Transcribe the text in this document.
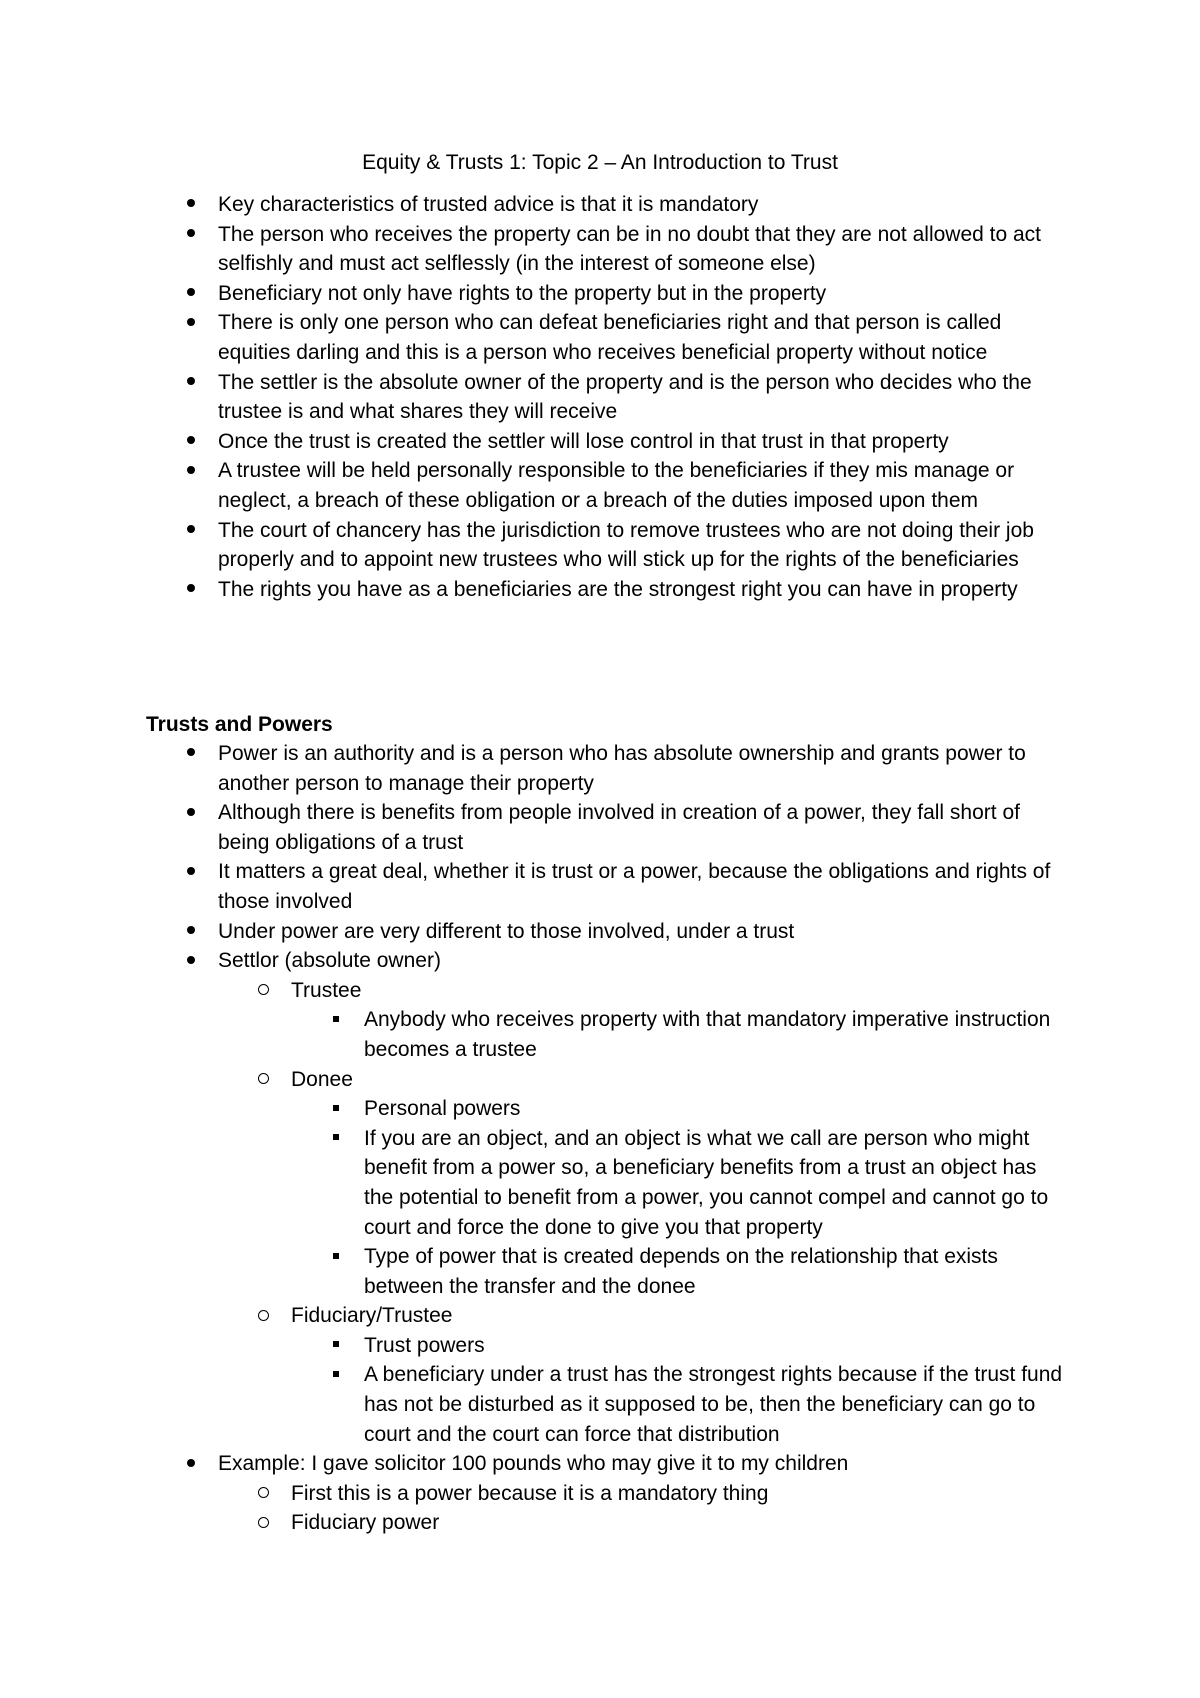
Equity & Trusts 1: Topic 2 – An Introduction to Trust
Key characteristics of trusted advice is that it is mandatory
The person who receives the property can be in no doubt that they are not allowed to act selfishly and must act selflessly (in the interest of someone else)
Beneficiary not only have rights to the property but in the property
There is only one person who can defeat beneficiaries right and that person is called equities darling and this is a person who receives beneficial property without notice
The settler is the absolute owner of the property and is the person who decides who the trustee is and what shares they will receive
Once the trust is created the settler will lose control in that trust in that property
A trustee will be held personally responsible to the beneficiaries if they mis manage or neglect, a breach of these obligation or a breach of the duties imposed upon them
The court of chancery has the jurisdiction to remove trustees who are not doing their job properly and to appoint new trustees who will stick up for the rights of the beneficiaries
The rights you have as a beneficiaries are the strongest right you can have in property
Trusts and Powers
Power is an authority and is a person who has absolute ownership and grants power to another person to manage their property
Although there is benefits from people involved in creation of a power, they fall short of being obligations of a trust
It matters a great deal, whether it is trust or a power, because the obligations and rights of those involved
Under power are very different to those involved, under a trust
Settlor (absolute owner)
Trustee
Anybody who receives property with that mandatory imperative instruction becomes a trustee
Donee
Personal powers
If you are an object, and an object is what we call are person who might benefit from a power so, a beneficiary benefits from a trust an object has the potential to benefit from a power, you cannot compel and cannot go to court and force the done to give you that property
Type of power that is created depends on the relationship that exists between the transfer and the donee
Fiduciary/Trustee
Trust powers
A beneficiary under a trust has the strongest rights because if the trust fund has not be disturbed as it supposed to be, then the beneficiary can go to court and the court can force that distribution
Example: I gave solicitor 100 pounds who may give it to my children
First this is a power because it is a mandatory thing
Fiduciary power
